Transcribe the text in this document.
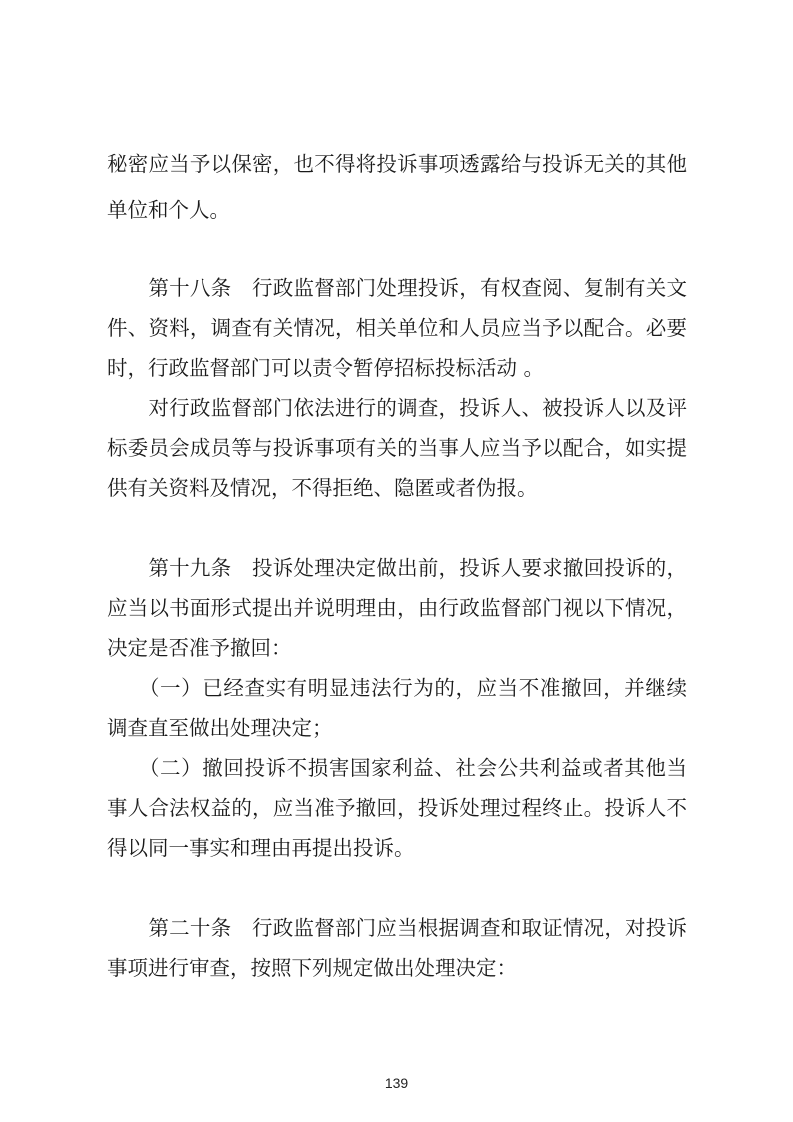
秘密应当予以保密，也不得将投诉事项透露给与投诉无关的其他
单位和个人。
　　第十八条　行政监督部门处理投诉，有权查阅、复制有关文
件、资料，调查有关情况，相关单位和人员应当予以配合。必要
时，行政监督部门可以责令暂停招标投标活动 。
　　对行政监督部门依法进行的调查，投诉人、被投诉人以及评
标委员会成员等与投诉事项有关的当事人应当予以配合，如实提
供有关资料及情况，不得拒绝、隐匿或者伪报。
　　第十九条　投诉处理决定做出前，投诉人要求撤回投诉的，
应当以书面形式提出并说明理由，由行政监督部门视以下情况，
决定是否准予撤回：
　　（一）已经查实有明显违法行为的，应当不准撤回，并继续
调查直至做出处理决定；
　　（二）撤回投诉不损害国家利益、社会公共利益或者其他当
事人合法权益的，应当准予撤回，投诉处理过程终止。投诉人不
得以同一事实和理由再提出投诉。
　　第二十条　行政监督部门应当根据调查和取证情况，对投诉
事项进行审查，按照下列规定做出处理决定：
139
